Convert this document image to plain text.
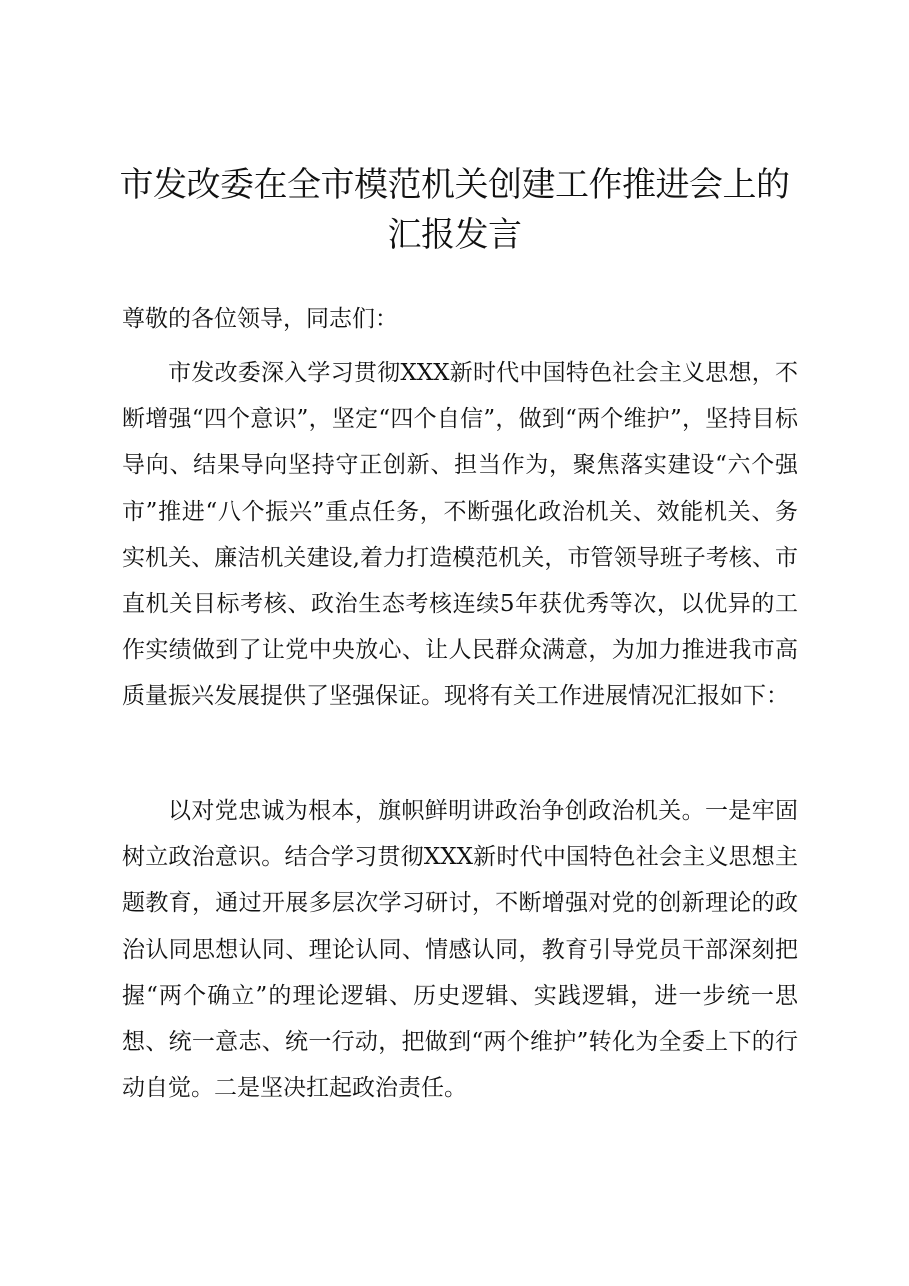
市发改委在全市模范机关创建工作推进会上的
汇报发言

尊敬的各位领导，同志们：

市发改委深入学习贯彻XXX新时代中国特色社会主义思想，不断增强“四个意识”，坚定“四个自信”，做到“两个维护”，坚持目标导向、结果导向坚持守正创新、担当作为，聚焦落实建设“六个强市”推进“八个振兴”重点任务，不断强化政治机关、效能机关、务实机关、廉洁机关建设,着力打造模范机关，市管领导班子考核、市直机关目标考核、政治生态考核连续5年获优秀等次，以优异的工作实绩做到了让党中央放心、让人民群众满意，为加力推进我市高质量振兴发展提供了坚强保证。现将有关工作进展情况汇报如下：

以对党忠诚为根本，旗帜鲜明讲政治争创政治机关。一是牢固树立政治意识。结合学习贯彻XXX新时代中国特色社会主义思想主题教育，通过开展多层次学习研讨，不断增强对党的创新理论的政治认同思想认同、理论认同、情感认同，教育引导党员干部深刻把握“两个确立”的理论逻辑、历史逻辑、实践逻辑，进一步统一思想、统一意志、统一行动，把做到“两个维护”转化为全委上下的行动自觉。二是坚决扛起政治责任。
